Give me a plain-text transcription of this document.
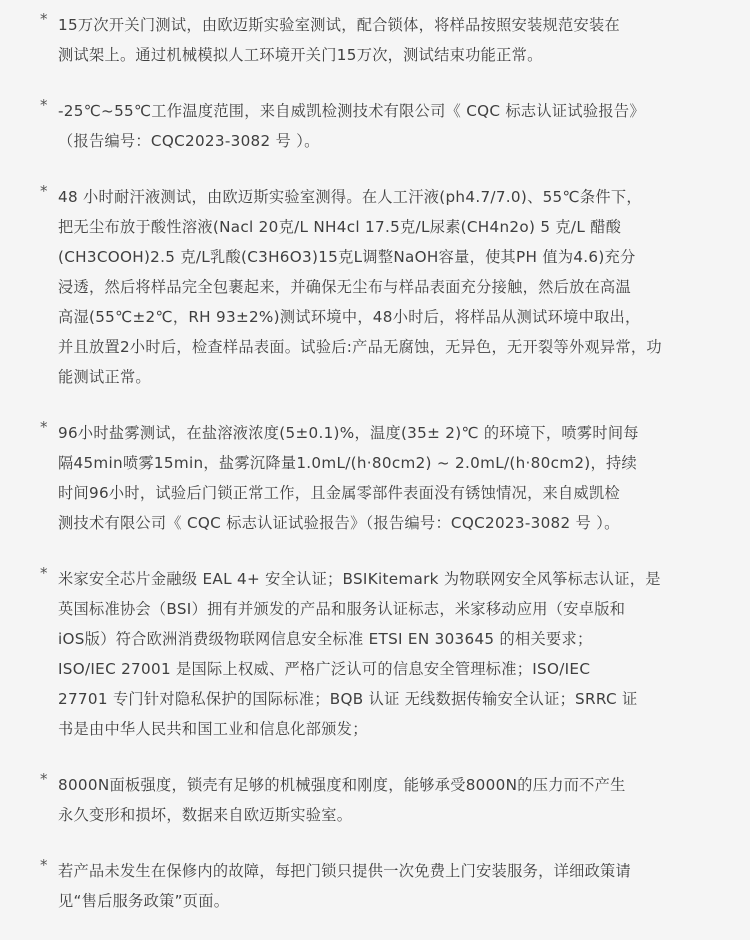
* 15万次开关门测试，由欧迈斯实验室测试，配合锁体，将样品按照安装规范安装在
测试架上。通过机械模拟人工环境开关门15万次，测试结束功能正常。

* -25℃~55℃工作温度范围，来自威凯检测技术有限公司《 CQC 标志认证试验报告》
（报告编号：CQC2023-3082 号 ）。

* 48 小时耐汗液测试，由欧迈斯实验室测得。在人工汗液(ph4.7/7.0)、55℃条件下，
把无尘布放于酸性溶液(Nacl 20克/L NH4cl 17.5克/L尿素(CH4n2o) 5 克/L 醋酸
(CH3COOH)2.5 克/L乳酸(C3H6O3)15克L调整NaOH容量，使其PH 值为4.6)充分
浸透，然后将样品完全包裹起来，并确保无尘布与样品表面充分接触，然后放在高温
高湿(55℃±2℃，RH 93±2%)测试环境中，48小时后，将样品从测试环境中取出，
并且放置2小时后，检查样品表面。试验后:产品无腐蚀，无异色，无开裂等外观异常，功
能测试正常。

* 96小时盐雾测试，在盐溶液浓度(5±0.1)%，温度(35± 2)℃ 的环境下，喷雾时间每
隔45min喷雾15min，盐雾沉降量1.0mL/(h·80cm2) ~ 2.0mL/(h·80cm2)，持续
时间96小时，试验后门锁正常工作，且金属零部件表面没有锈蚀情况，来自威凯检
测技术有限公司《 CQC 标志认证试验报告》（报告编号：CQC2023-3082 号 ）。

* 米家安全芯片金融级 EAL 4+ 安全认证；BSIKitemark 为物联网安全风筝标志认证，是
英国标准协会（BSI）拥有并颁发的产品和服务认证标志，米家移动应用（安卓版和
iOS版）符合欧洲消费级物联网信息安全标准 ETSI EN 303645 的相关要求；
ISO/IEC 27001 是国际上权威、严格广泛认可的信息安全管理标准；ISO/IEC
27701 专门针对隐私保护的国际标准；BQB 认证 无线数据传输安全认证；SRRC 证
书是由中华人民共和国工业和信息化部颁发；

* 8000N面板强度，锁壳有足够的机械强度和刚度，能够承受8000N的压力而不产生
永久变形和损坏，数据来自欧迈斯实验室。

* 若产品未发生在保修内的故障，每把门锁只提供一次免费上门安装服务，详细政策请
见“售后服务政策”页面。
